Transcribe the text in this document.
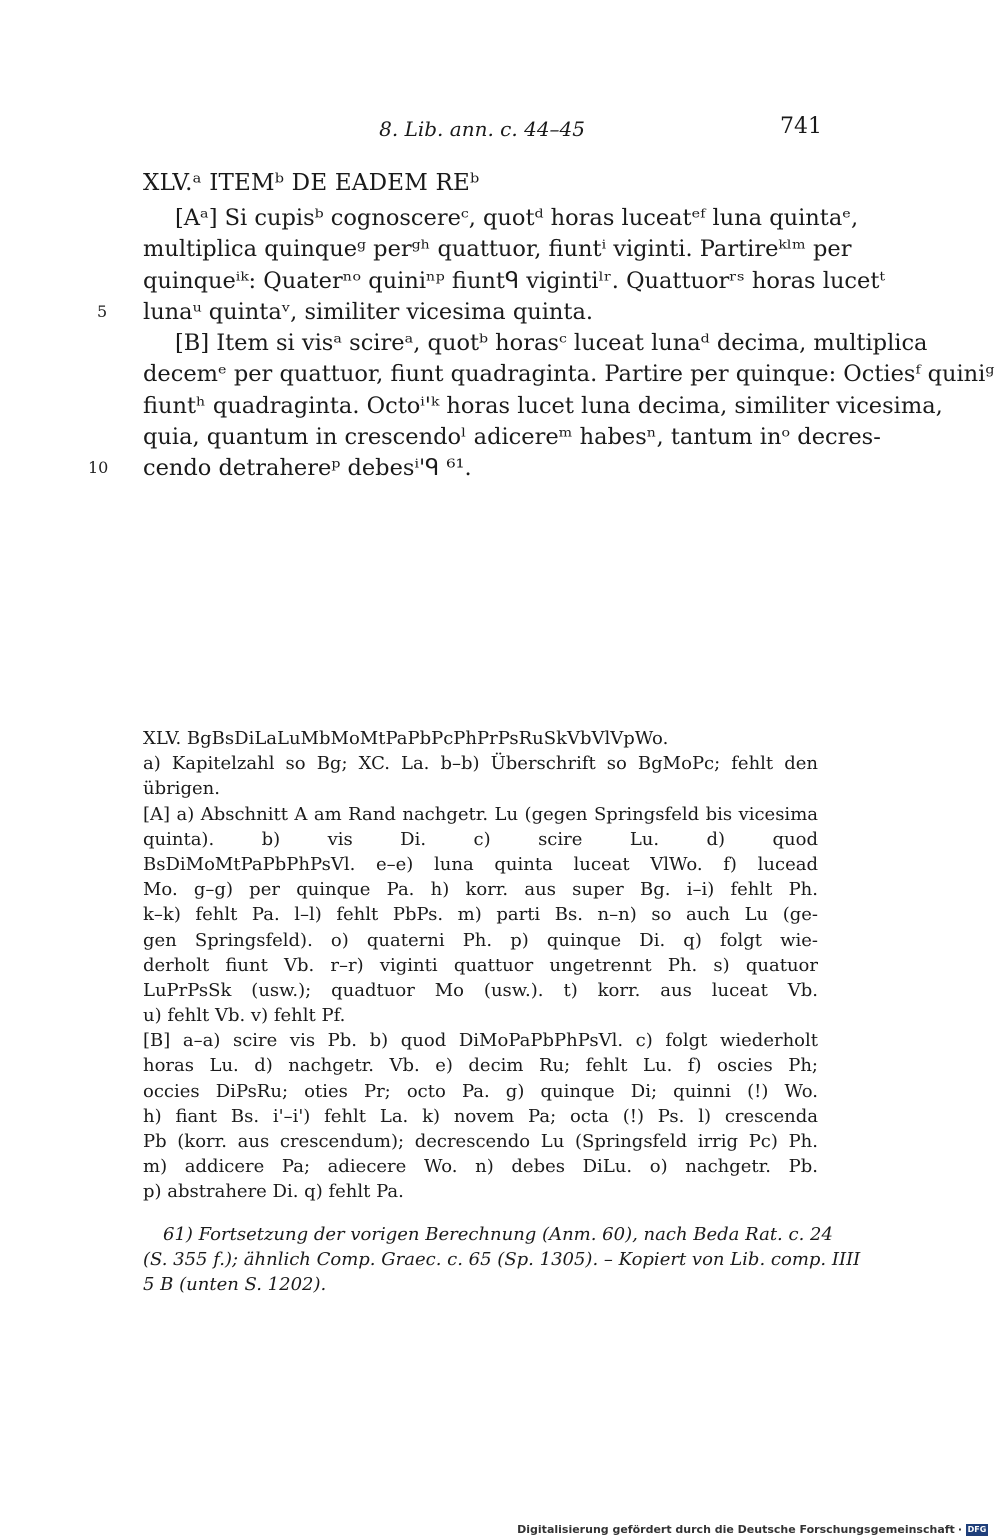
8. Lib. ann. c. 44–45	741
XLV.ᵃ ITEMᵇ DE EADEM REᵇ
5
10
[Aᵃ] Si cupisᵇ cognoscereᶜ, quotᵈ horas luceatᵉᶠ luna quintaᵉ,
multiplica quinqueᵍ perᵍʰ quattuor, fiuntⁱ viginti. Partireᵏˡᵐ per
quinqueⁱᵏ: Quaterⁿᵒ quiniⁿᵖ fiuntᑫ vigintiˡʳ. Quattuorʳˢ horas lucetᵗ
lunaᵘ quintaᵛ, similiter vicesima quinta.
[B] Item si visᵃ scireᵃ, quotᵇ horasᶜ luceat lunaᵈ decima, multiplica
decemᵉ per quattuor, fiunt quadraginta. Partire per quinque: Octiesᶠ quiniᵍ
fiuntʰ quadraginta. Octoⁱ'ᵏ horas lucet luna decima, similiter vicesima,
quia, quantum in crescendoˡ adicereᵐ habesⁿ, tantum inᵒ decres-
cendo detrahereᵖ debesⁱ'ᑫ ⁶¹.
XLV. BgBsDiLaLuMbMoMtPaPbPcPhPrPsRuSkVbVlVpWo.
a) Kapitelzahl so Bg; XC. La. b–b) Überschrift so BgMoPc; fehlt den
übrigen.
[A] a) Abschnitt A am Rand nachgetr. Lu (gegen Springsfeld bis vicesima
quinta). b) vis Di. c) scire Lu. d) quod
BsDiMoMtPaPbPhPsVl. e–e) luna quinta luceat VlWo. f) lucead
Mo. g–g) per quinque Pa. h) korr. aus super Bg. i–i) fehlt Ph.
k–k) fehlt Pa. l–l) fehlt PbPs. m) parti Bs. n–n) so auch Lu (ge-
gen Springsfeld). o) quaterni Ph. p) quinque Di. q) folgt wie-
derholt fiunt Vb. r–r) viginti quattuor ungetrennt Ph. s) quatuor
LuPrPsSk (usw.); quadtuor Mo (usw.). t) korr. aus luceat Vb.
u) fehlt Vb. v) fehlt Pf.
[B] a–a) scire vis Pb. b) quod DiMoPaPbPhPsVl. c) folgt wiederholt
horas Lu. d) nachgetr. Vb. e) decim Ru; fehlt Lu. f) oscies Ph;
occies DiPsRu; oties Pr; octo Pa. g) quinque Di; quinni (!) Wo.
h) fiant Bs. i'–i') fehlt La. k) novem Pa; octa (!) Ps. l) crescenda
Pb (korr. aus crescendum); decrescendo Lu (Springsfeld irrig Pc) Ph.
m) addicere Pa; adiecere Wo. n) debes DiLu. o) nachgetr. Pb.
p) abstrahere Di. q) fehlt Pa.
61) Fortsetzung der vorigen Berechnung (Anm. 60), nach Beda Rat. c. 24
(S. 355 f.); ähnlich Comp. Graec. c. 65 (Sp. 1305). – Kopiert von Lib. comp. IIII
5 B (unten S. 1202).
Digitalisierung gefördert durch die Deutsche Forschungsgemeinschaft · DFG
